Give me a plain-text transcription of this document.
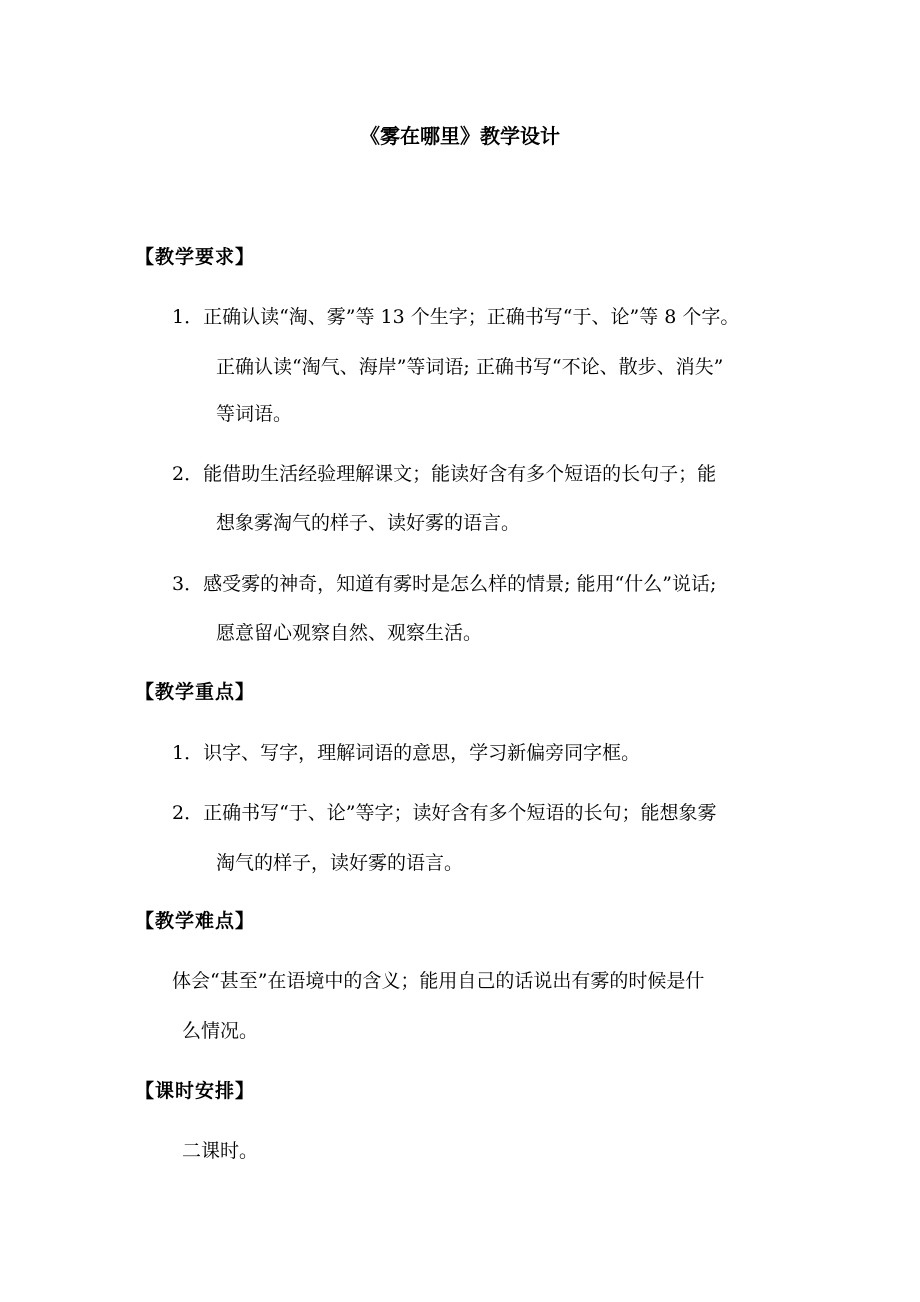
《雾在哪里》教学设计
【教学要求】
1．正确认读“淘、雾”等 13 个生字；正确书写“于、论”等 8 个字。
正确认读“淘气、海岸”等词语; 正确书写“不论、散步、消失”
等词语。
2．能借助生活经验理解课文；能读好含有多个短语的长句子；能
想象雾淘气的样子、读好雾的语言。
3．感受雾的神奇，知道有雾时是怎么样的情景; 能用“什么”说话;
愿意留心观察自然、观察生活。
【教学重点】
1．识字、写字，理解词语的意思，学习新偏旁同字框。
2．正确书写“于、论”等字；读好含有多个短语的长句；能想象雾
淘气的样子，读好雾的语言。
【教学难点】
体会“甚至”在语境中的含义；能用自己的话说出有雾的时候是什
么情况。
【课时安排】
二课时。
